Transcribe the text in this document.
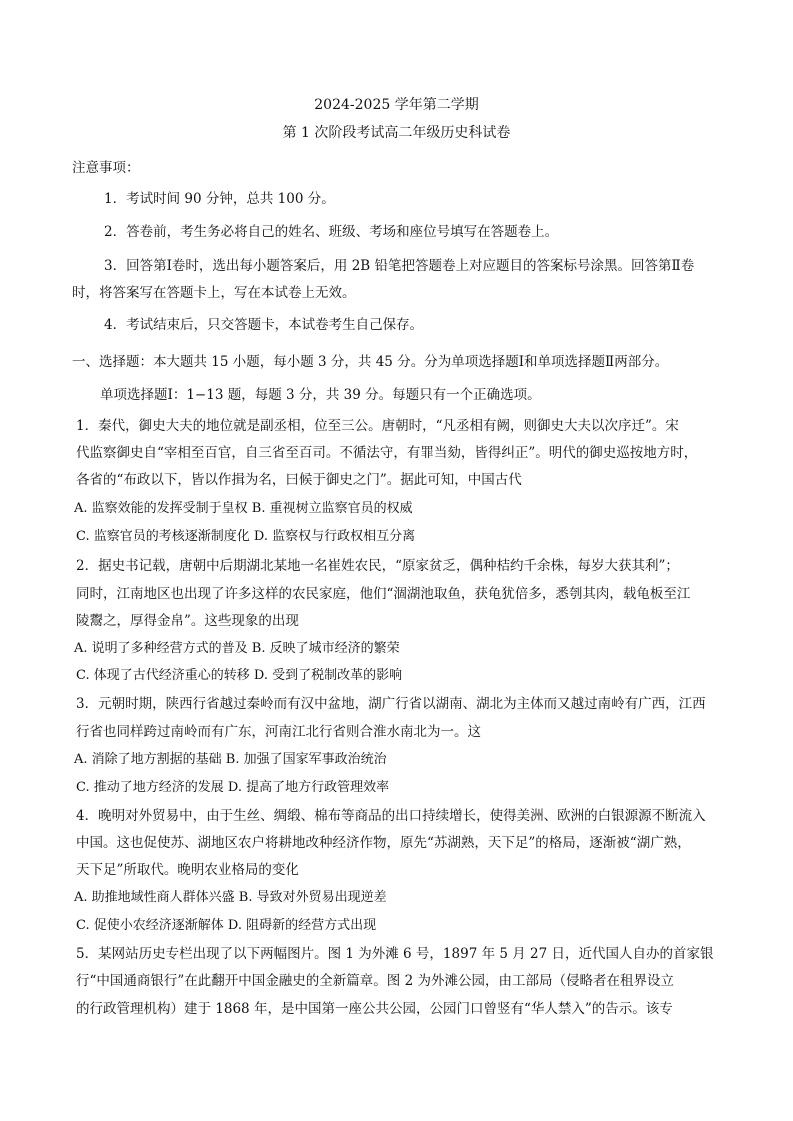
2024-2025 学年第二学期
第 1 次阶段考试高二年级历史科试卷
注意事项：
1．考试时间 90 分钟，总共 100 分。
2．答卷前，考生务必将自己的姓名、班级、考场和座位号填写在答题卷上。
3．回答第Ⅰ卷时，选出每小题答案后，用 2B 铅笔把答题卷上对应题目的答案标号涂黑。回答第Ⅱ卷
时，将答案写在答题卡上，写在本试卷上无效。
4．考试结束后，只交答题卡，本试卷考生自己保存。
一、选择题：本大题共 15 小题，每小题 3 分，共 45 分。分为单项选择题Ⅰ和单项选择题Ⅱ两部分。
单项选择题Ⅰ：1−13 题，每题 3 分，共 39 分。每题只有一个正确选项。
1．秦代，御史大夫的地位就是副丞相，位至三公。唐朝时，“凡丞相有阙，则御史大夫以次序迁”。宋
代监察御史自“宰相至百官，自三省至百司。不循法守，有罪当劾，皆得纠正”。明代的御史巡按地方时，
各省的“布政以下，皆以作揖为名，曰候于御史之门”。据此可知，中国古代
A. 监察效能的发挥受制于皇权 B. 重视树立监察官员的权威
C. 监察官员的考核逐渐制度化 D. 监察权与行政权相互分离
2．据史书记载，唐朝中后期湖北某地一名崔姓农民，“原家贫乏，偶种桔约千余株，每岁大获其利”；
同时，江南地区也出现了许多这样的农民家庭，他们“涸湖池取鱼，获龟犹倍多，悉刳其肉，载龟板至江
陵鬻之，厚得金帛”。这些现象的出现
A. 说明了多种经营方式的普及 B. 反映了城市经济的繁荣
C. 体现了古代经济重心的转移 D. 受到了税制改革的影响
3．元朝时期，陕西行省越过秦岭而有汉中盆地，湖广行省以湖南、湖北为主体而又越过南岭有广西，江西
行省也同样跨过南岭而有广东，河南江北行省则合淮水南北为一。这
A. 消除了地方割据的基础 B. 加强了国家军事政治统治
C. 推动了地方经济的发展 D. 提高了地方行政管理效率
4．晚明对外贸易中，由于生丝、绸缎、棉布等商品的出口持续增长，使得美洲、欧洲的白银源源不断流入
中国。这也促使苏、湖地区农户将耕地改种经济作物，原先“苏湖熟，天下足”的格局，逐渐被“湖广熟，
天下足”所取代。晚明农业格局的变化
A. 助推地域性商人群体兴盛 B. 导致对外贸易出现逆差
C. 促使小农经济逐渐解体 D. 阻碍新的经营方式出现
5．某网站历史专栏出现了以下两幅图片。图 1 为外滩 6 号，1897 年 5 月 27 日，近代国人自办的首家银
行“中国通商银行”在此翻开中国金融史的全新篇章。图 2 为外滩公园，由工部局（侵略者在租界设立
的行政管理机构）建于 1868 年，是中国第一座公共公园，公园门口曾竖有“华人禁入”的告示。该专
